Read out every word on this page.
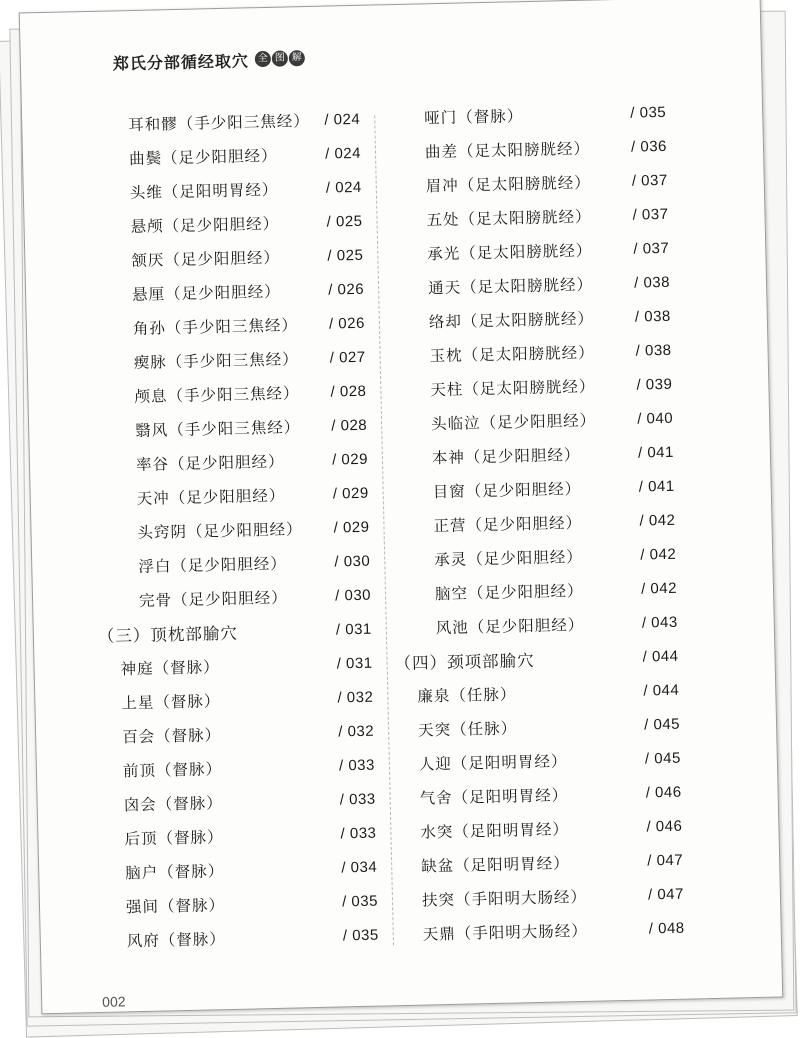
郑氏分部循经取穴 全 图 解
耳和髎（手少阳三焦经） / 024
曲鬓（足少阳胆经）	/ 024
头维（足阳明胃经）	/ 024
悬颅（足少阳胆经）	/ 025
颔厌（足少阳胆经）	/ 025
悬厘（足少阳胆经）	/ 026
角孙（手少阳三焦经） / 026
瘈脉（手少阳三焦经） / 027
颅息（手少阳三焦经） / 028
翳风（手少阳三焦经） / 028
率谷（足少阳胆经）	/ 029
天冲（足少阳胆经）	/ 029
头窍阴（足少阳胆经） / 029
浮白（足少阳胆经）	/ 030
完骨（足少阳胆经）	/ 030
（三）顶枕部腧穴	/ 031
神庭（督脉）	/ 031
上星（督脉）	/ 032
百会（督脉）	/ 032
前顶（督脉）	/ 033
囟会（督脉）	/ 033
后顶（督脉）	/ 033
脑户（督脉）	/ 034
强间（督脉）	/ 035
风府（督脉）	/ 035
哑门（督脉）	/ 035
曲差（足太阳膀胱经）	/ 036
眉冲（足太阳膀胱经）	/ 037
五处（足太阳膀胱经）	/ 037
承光（足太阳膀胱经）	/ 037
通天（足太阳膀胱经）	/ 038
络却（足太阳膀胱经）	/ 038
玉枕（足太阳膀胱经）	/ 038
天柱（足太阳膀胱经）	/ 039
头临泣（足少阳胆经）	/ 040
本神（足少阳胆经）	/ 041
目窗（足少阳胆经）	/ 041
正营（足少阳胆经）	/ 042
承灵（足少阳胆经）	/ 042
脑空（足少阳胆经）	/ 042
风池（足少阳胆经）	/ 043
（四）颈项部腧穴	/ 044
廉泉（任脉）	/ 044
天突（任脉）	/ 045
人迎（足阳明胃经）	/ 045
气舍（足阳明胃经）	/ 046
水突（足阳明胃经）	/ 046
缺盆（足阳明胃经）	/ 047
扶突（手阳明大肠经）	/ 047
天鼎（手阳明大肠经）	/ 048
002
